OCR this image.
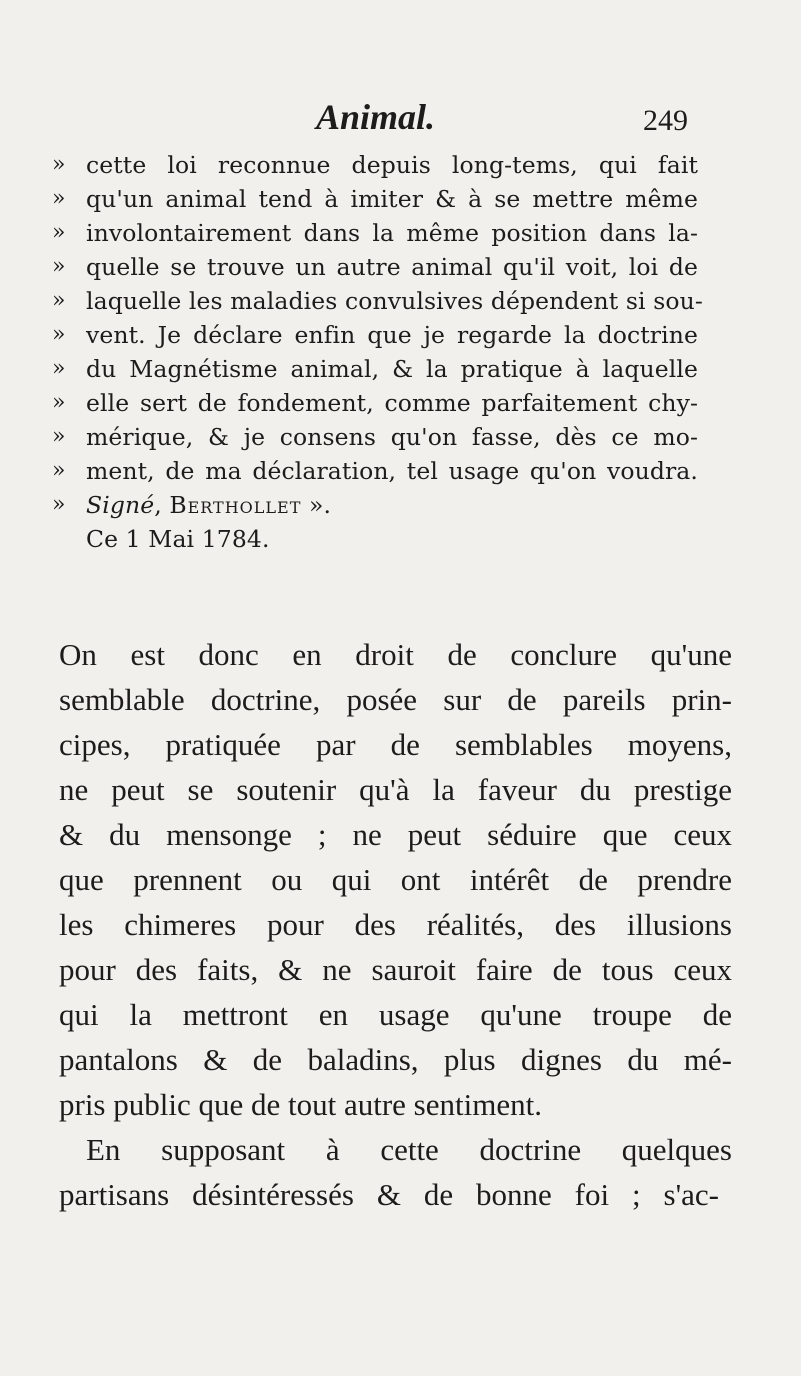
Animal.	249
» cette loi reconnue depuis long-tems, qui fait
» qu'un animal tend à imiter & à se mettre même
» involontairement dans la même position dans la-
» quelle se trouve un autre animal qu'il voit, loi de
» laquelle les maladies convulsives dépendent si sou-
» vent. Je déclare enfin que je regarde la doctrine
» du Magnétisme animal, & la pratique à laquelle
» elle sert de fondement, comme parfaitement chy-
» mérique, & je consens qu'on fasse, dès ce mo-
» ment, de ma déclaration, tel usage qu'on voudra.
» Signé, Berthollet ».
Ce 1 Mai 1784.
On est donc en droit de conclure qu'une
semblable doctrine, posée sur de pareils prin-
cipes, pratiquée par de semblables moyens,
ne peut se soutenir qu'à la faveur du prestige
& du mensonge ; ne peut séduire que ceux
que prennent ou qui ont intérêt de prendre
les chimeres pour des réalités, des illusions
pour des faits, & ne sauroit faire de tous ceux
qui la mettront en usage qu'une troupe de
pantalons & de baladins, plus dignes du mé-
pris public que de tout autre sentiment.
En supposant à cette doctrine quelques
partisans désintéressés & de bonne foi ; s'ac-
